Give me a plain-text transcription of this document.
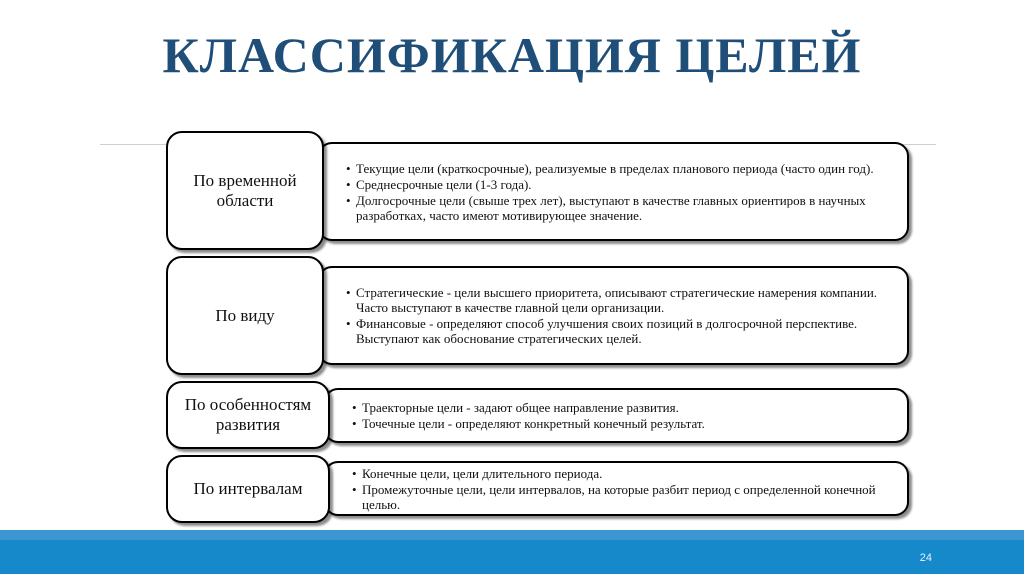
КЛАССИФИКАЦИЯ ЦЕЛЕЙ
По временной области
• Текущие цели (краткосрочные), реализуемые в пределах планового периода (часто один год).
• Среднесрочные цели (1-3 года).
• Долгосрочные цели (свыше трех лет), выступают в качестве главных ориентиров в научных разработках, часто имеют мотивирующее значение.
По виду
• Стратегические - цели высшего приоритета, описывают стратегические намерения компании. Часто выступают в качестве главной цели организации.
• Финансовые - определяют способ улучшения своих позиций в долгосрочной перспективе. Выступают как обоснование стратегических целей.
По особенностям развития
• Траекторные цели - задают общее направление развития.
• Точечные цели - определяют конкретный конечный результат.
По интервалам
• Конечные цели, цели длительного периода.
• Промежуточные цели, цели интервалов, на которые разбит период с определенной конечной целью.
24
